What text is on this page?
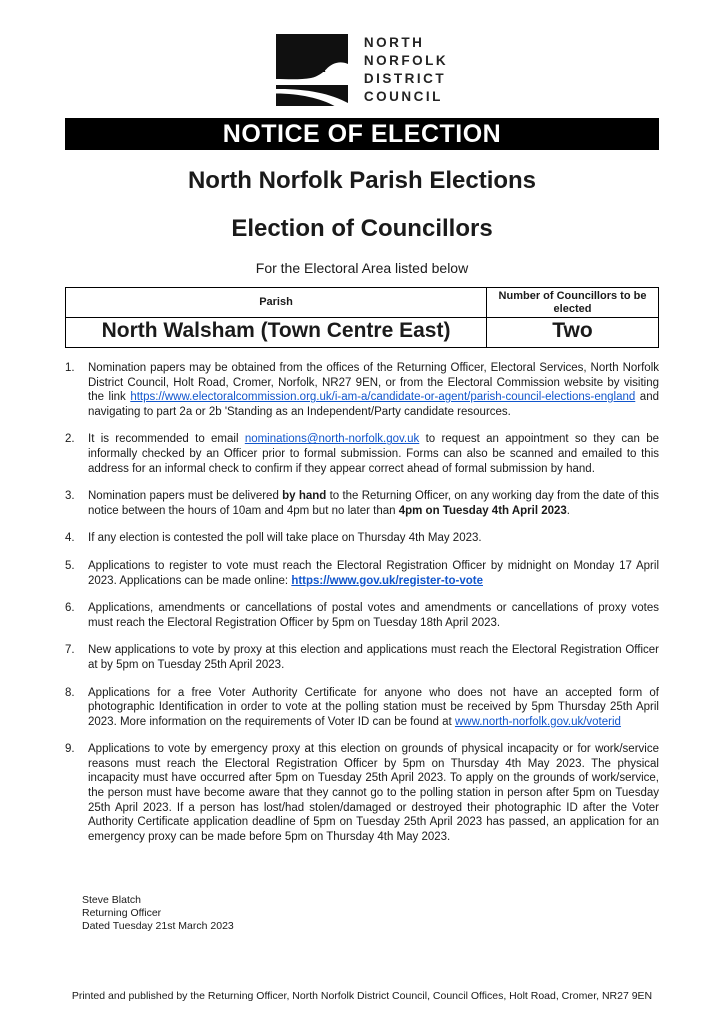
NORTH
NORFOLK
DISTRICT
COUNCIL
NOTICE OF ELECTION
North Norfolk Parish Elections
Election of Councillors

For the Electoral Area listed below

Parish	Number of Councillors to be elected
North Walsham (Town Centre East)	Two
1.	Nomination papers may be obtained from the offices of the Returning Officer, Electoral Services, North Norfolk District Council, Holt Road, Cromer, Norfolk, NR27 9EN, or from the Electoral Commission website by visiting the link https://www.electoralcommission.org.uk/i-am-a/candidate-or-agent/parish-council-elections-england and navigating to part 2a or 2b 'Standing as an Independent/Party candidate resources.

2.	It is recommended to email nominations@north-norfolk.gov.uk to request an appointment so they can be informally checked by an Officer prior to formal submission. Forms can also be scanned and emailed to this address for an informal check to confirm if they appear correct ahead of formal submission by hand.

3.	Nomination papers must be delivered by hand to the Returning Officer, on any working day from the date of this notice between the hours of 10am and 4pm but no later than 4pm on Tuesday 4th April 2023.

4.	If any election is contested the poll will take place on Thursday 4th May 2023.

5.	Applications to register to vote must reach the Electoral Registration Officer by midnight on Monday 17 April 2023. Applications can be made online: https://www.gov.uk/register-to-vote

6.	Applications, amendments or cancellations of postal votes and amendments or cancellations of proxy votes must reach the Electoral Registration Officer by 5pm on Tuesday 18th April 2023.

7.	New applications to vote by proxy at this election and applications must reach the Electoral Registration Officer at by 5pm on Tuesday 25th April 2023.

8.	Applications for a free Voter Authority Certificate for anyone who does not have an accepted form of photographic Identification in order to vote at the polling station must be received by 5pm Thursday 25th April 2023. More information on the requirements of Voter ID can be found at www.north-norfolk.gov.uk/voterid

9.	Applications to vote by emergency proxy at this election on grounds of physical incapacity or for work/service reasons must reach the Electoral Registration Officer by 5pm on Thursday 4th May 2023. The physical incapacity must have occurred after 5pm on Tuesday 25th April 2023. To apply on the grounds of work/service, the person must have become aware that they cannot go to the polling station in person after 5pm on Tuesday 25th April 2023. If a person has lost/had stolen/damaged or destroyed their photographic ID after the Voter Authority Certificate application deadline of 5pm on Tuesday 25th April 2023 has passed, an application for an emergency proxy can be made before 5pm on Thursday 4th May 2023.

Steve Blatch
Returning Officer
Dated Tuesday 21st March 2023

Printed and published by the Returning Officer, North Norfolk District Council, Council Offices, Holt Road, Cromer, NR27 9EN
